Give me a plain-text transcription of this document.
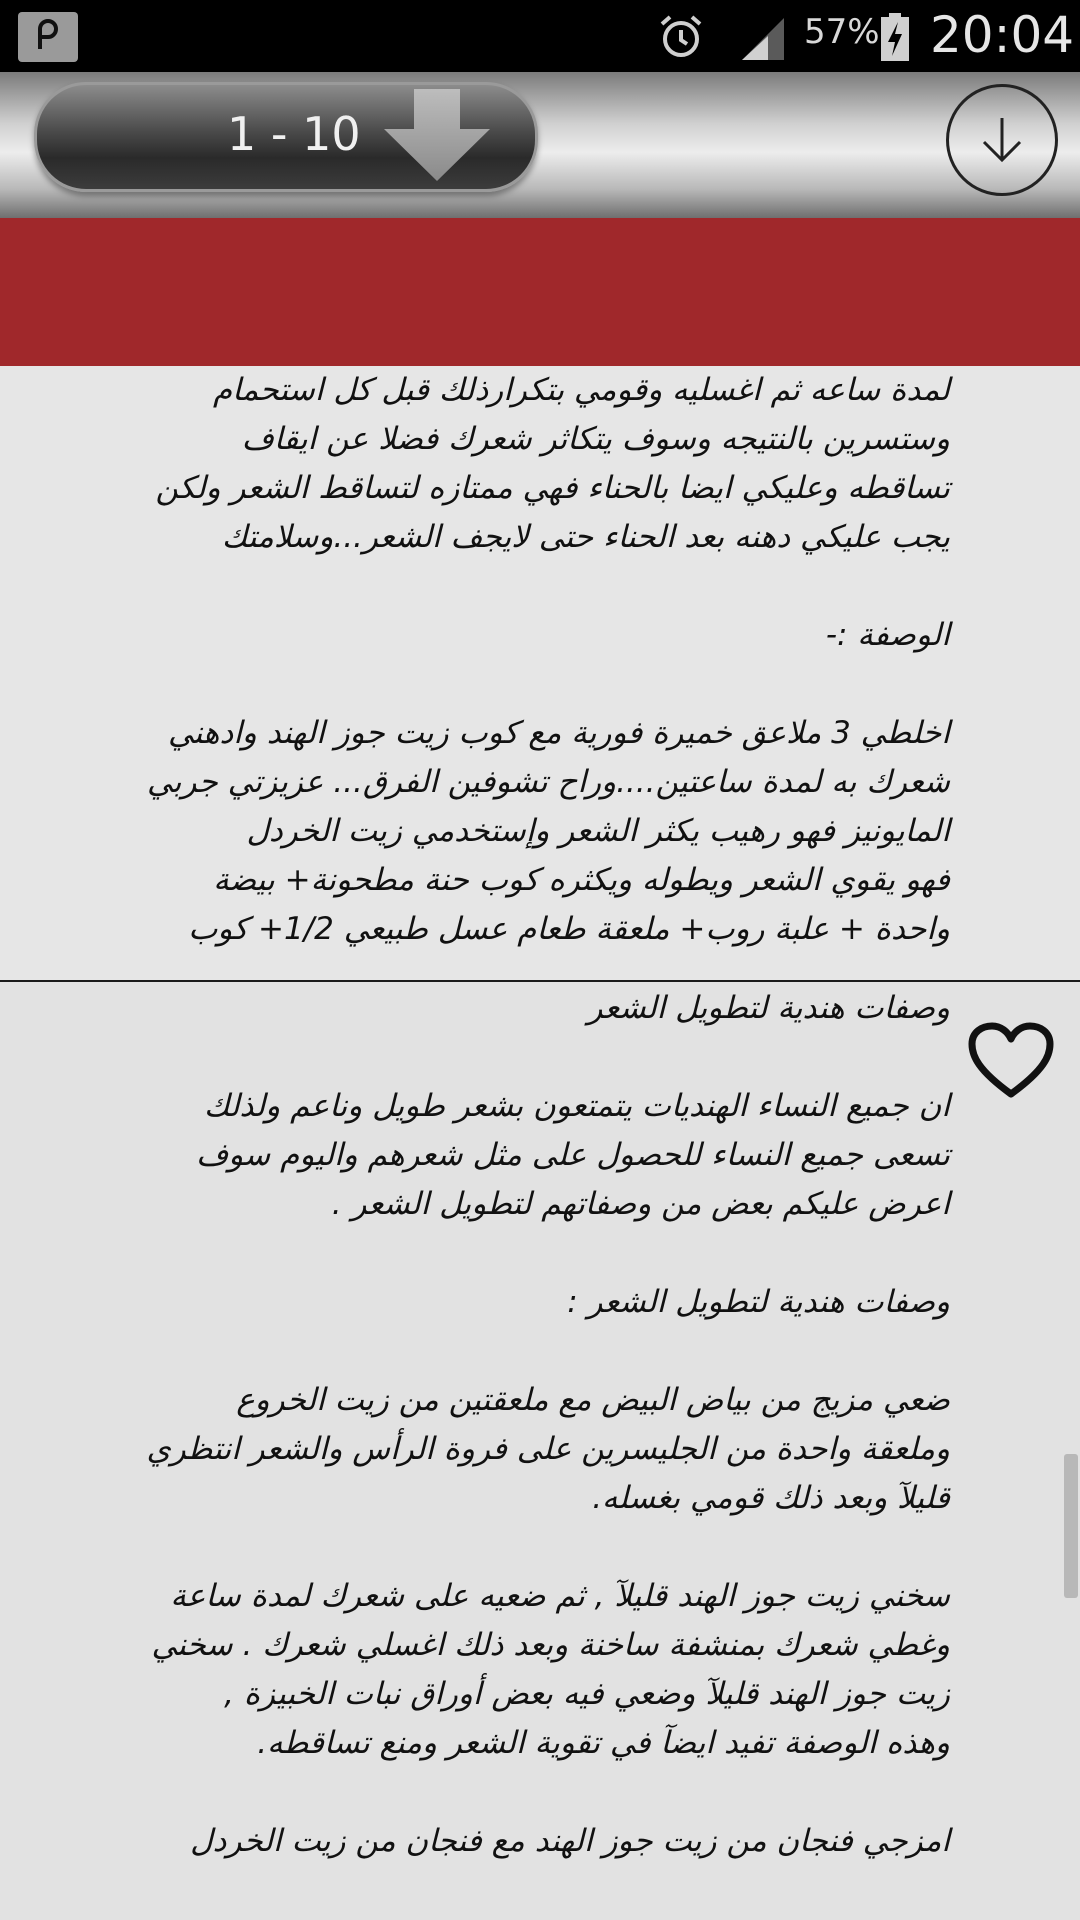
57% 20:04
1 - 10
لمدة ساعه ثم اغسليه وقومي بتكرارذلك قبل كل استحمام
وستسرين بالنتيجه وسوف يتكاثر شعرك فضلا عن ايقاف
تساقطه وعليكي ايضا بالحناء فهي ممتازه لتساقط الشعر ولكن
يجب عليكي دهنه بعد الحناء حتى لايجف الشعر...وسلامتك
الوصفة :-
اخلطي 3 ملاعق خميرة فورية مع كوب زيت جوز الهند وادهني
شعرك به لمدة ساعتين....وراح تشوفين الفرق... عزيزتي جربي
المايونيز فهو رهيب يكثر الشعر وإستخدمي زيت الخردل
فهو يقوي الشعر ويطوله ويكثره كوب حنة مطحونة+ بيضة
واحدة + علبة روب+ ملعقة طعام عسل طبيعي 1/2+ كوب
وصفات هندية لتطويل الشعر
ان جميع النساء الهنديات يتمتعون بشعر طويل وناعم ولذلك
تسعى جميع النساء للحصول على مثل شعرهم واليوم سوف
اعرض عليكم بعض من وصفاتهم لتطويل الشعر .
وصفات هندية لتطويل الشعر :
ضعي مزيج من بياض البيض مع ملعقتين من زيت الخروع
وملعقة واحدة من الجليسرين على فروة الرأس والشعر انتظري
قليلآ وبعد ذلك قومي بغسله.
سخني زيت جوز الهند قليلآ , ثم ضعيه على شعرك لمدة ساعة
وغطي شعرك بمنشفة ساخنة وبعد ذلك اغسلي شعرك . سخني
زيت جوز الهند قليلآ وضعي فيه بعض أوراق نبات الخبيزة ,
وهذه الوصفة تفيد ايضآ في تقوية الشعر ومنع تساقطه.
امزجي فنجان من زيت جوز الهند مع فنجان من زيت الخردل
